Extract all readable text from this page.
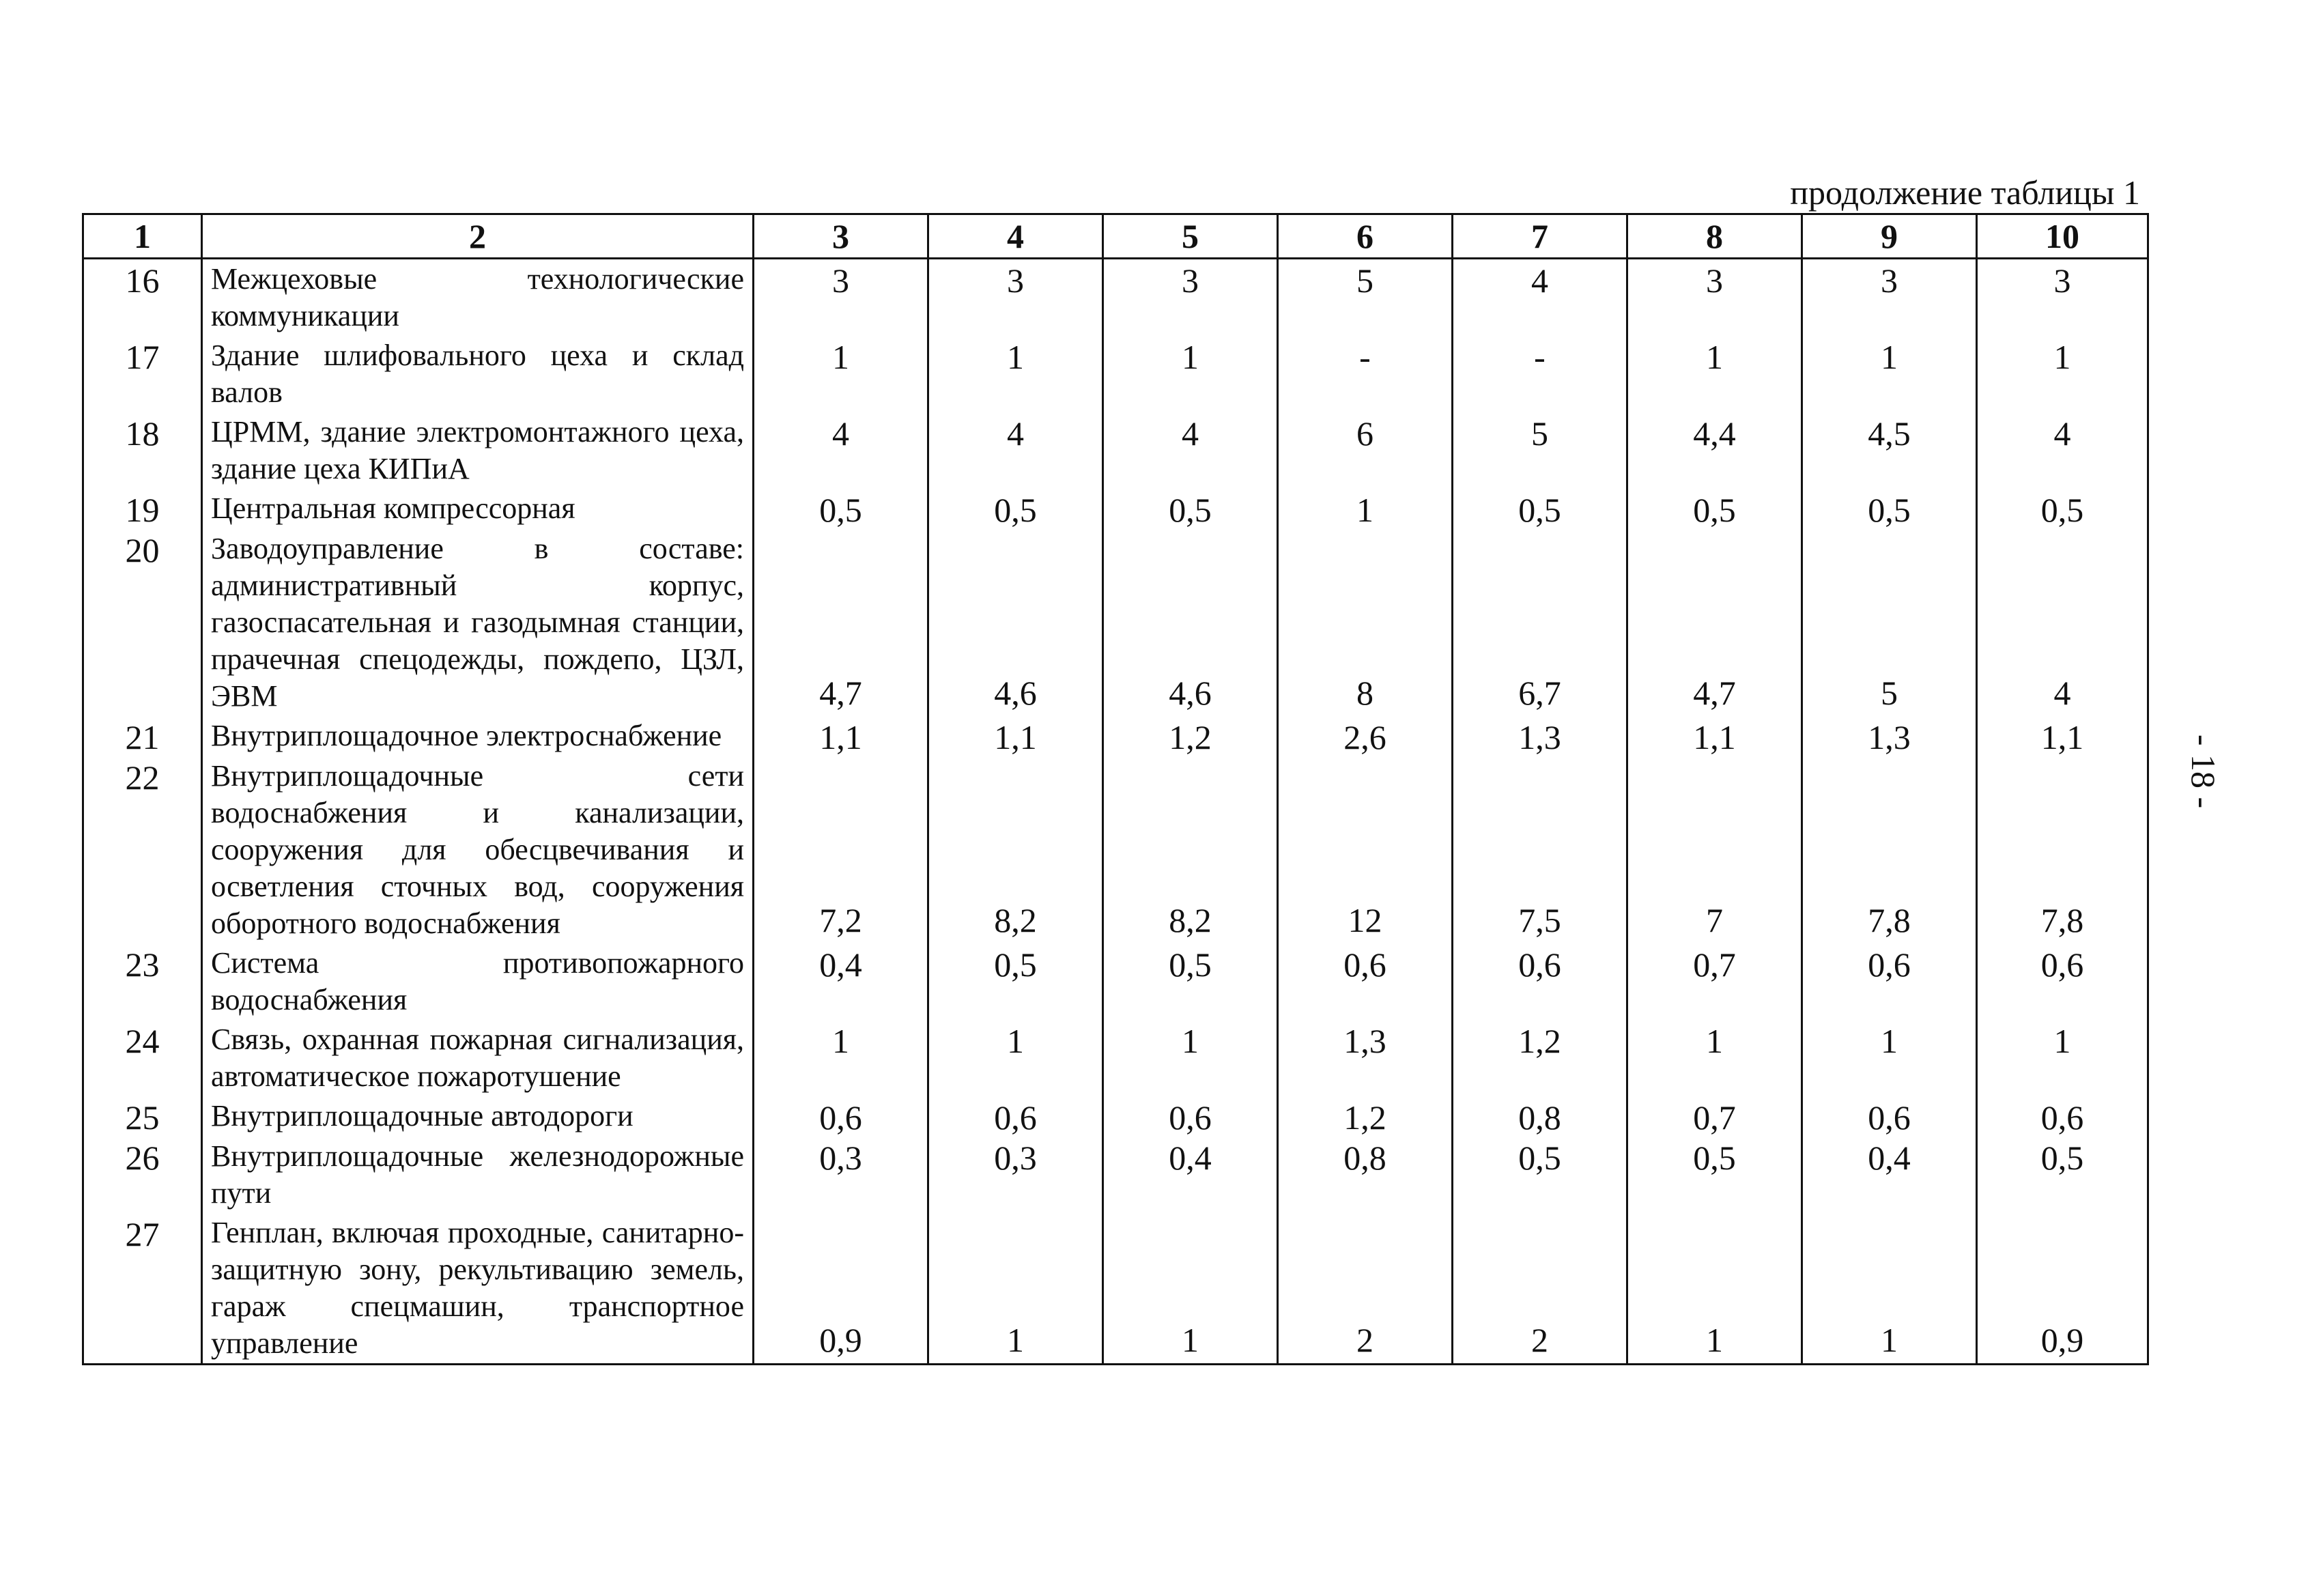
продолжение таблицы 1
1	2	3	4	5	6	7	8	9	10
16	Межцеховые технологические коммуникации	3	3	3	5	4	3	3	3
17	Здание шлифовального цеха и склад валов	1	1	1	-	-	1	1	1
18	ЦРММ, здание электромонтажного цеха, здание цеха КИПиА	4	4	4	6	5	4,4	4,5	4
19	Центральная компрессорная	0,5	0,5	0,5	1	0,5	0,5	0,5	0,5
20	Заводоуправление в составе: административный корпус, газоспасательная и газодымная станции, прачечная спецодежды, пождепо, ЦЗЛ, ЭВМ	4,7	4,6	4,6	8	6,7	4,7	5	4
21	Внутриплощадочное электроснабжение	1,1	1,1	1,2	2,6	1,3	1,1	1,3	1,1
22	Внутриплощадочные сети водоснабжения и канализации, сооружения для обесцвечивания и осветления сточных вод, сооружения оборотного водоснабжения	7,2	8,2	8,2	12	7,5	7	7,8	7,8
23	Система противопожарного водоснабжения	0,4	0,5	0,5	0,6	0,6	0,7	0,6	0,6
24	Связь, охранная пожарная сигнализация, автоматическое пожаротушение	1	1	1	1,3	1,2	1	1	1
25	Внутриплощадочные автодороги	0,6	0,6	0,6	1,2	0,8	0,7	0,6	0,6
26	Внутриплощадочные железнодорожные пути	0,3	0,3	0,4	0,8	0,5	0,5	0,4	0,5
27	Генплан, включая проходные, санитарно-защитную зону, рекультивацию земель, гараж спецмашин, транспортное управление	0,9	1	1	2	2	1	1	0,9
- 18 -
